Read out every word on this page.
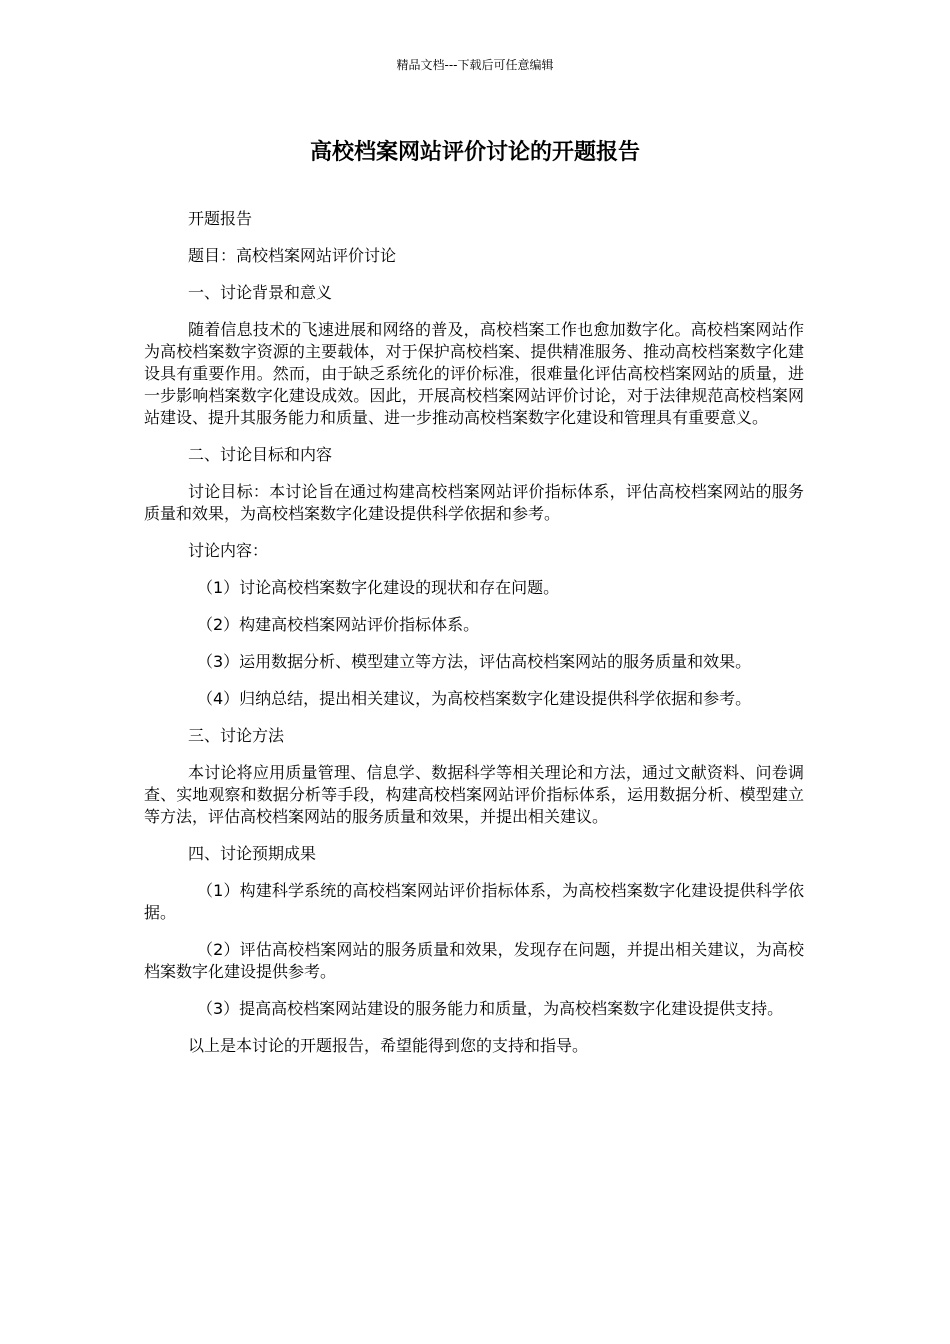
精品文档---下载后可任意编辑
高校档案网站评价讨论的开题报告

开题报告

题目：高校档案网站评价讨论

一、讨论背景和意义

随着信息技术的飞速进展和网络的普及，高校档案工作也愈加数字化。高校档案网站作为高校档案数字资源的主要载体，对于保护高校档案、提供精准服务、推动高校档案数字化建设具有重要作用。然而，由于缺乏系统化的评价标准，很难量化评估高校档案网站的质量，进一步影响档案数字化建设成效。因此，开展高校档案网站评价讨论，对于法律规范高校档案网站建设、提升其服务能力和质量、进一步推动高校档案数字化建设和管理具有重要意义。

二、讨论目标和内容

讨论目标：本讨论旨在通过构建高校档案网站评价指标体系，评估高校档案网站的服务质量和效果，为高校档案数字化建设提供科学依据和参考。

讨论内容：

（1）讨论高校档案数字化建设的现状和存在问题。

（2）构建高校档案网站评价指标体系。

（3）运用数据分析、模型建立等方法，评估高校档案网站的服务质量和效果。

（4）归纳总结，提出相关建议，为高校档案数字化建设提供科学依据和参考。

三、讨论方法

本讨论将应用质量管理、信息学、数据科学等相关理论和方法，通过文献资料、问卷调查、实地观察和数据分析等手段，构建高校档案网站评价指标体系，运用数据分析、模型建立等方法，评估高校档案网站的服务质量和效果，并提出相关建议。

四、讨论预期成果

（1）构建科学系统的高校档案网站评价指标体系，为高校档案数字化建设提供科学依据。

（2）评估高校档案网站的服务质量和效果，发现存在问题，并提出相关建议，为高校档案数字化建设提供参考。

（3）提高高校档案网站建设的服务能力和质量，为高校档案数字化建设提供支持。

以上是本讨论的开题报告，希望能得到您的支持和指导。
